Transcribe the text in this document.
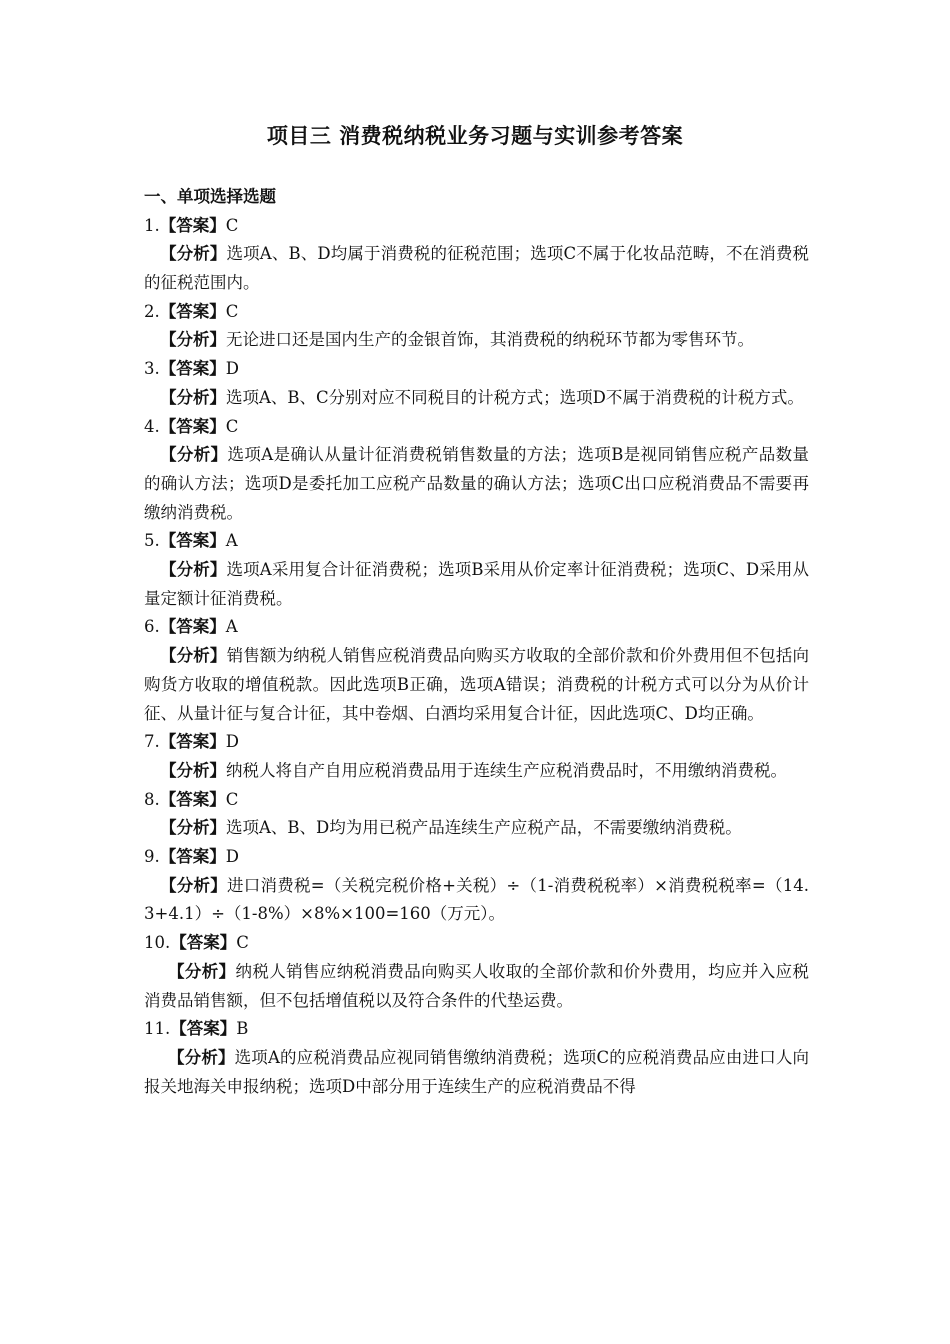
项目三 消费税纳税业务习题与实训参考答案

一、单项选择选题

1.【答案】C

【分析】选项A、B、D均属于消费税的征税范围；选项C不属于化妆品范畴，不在消费税的征税范围内。

2.【答案】C

【分析】无论进口还是国内生产的金银首饰，其消费税的纳税环节都为零售环节。

3.【答案】D

【分析】选项A、B、C分别对应不同税目的计税方式；选项D不属于消费税的计税方式。

4.【答案】C

【分析】选项A是确认从量计征消费税销售数量的方法；选项B是视同销售应税产品数量的确认方法；选项D是委托加工应税产品数量的确认方法；选项C出口应税消费品不需要再缴纳消费税。

5.【答案】A

【分析】选项A采用复合计征消费税；选项B采用从价定率计征消费税；选项C、D采用从量定额计征消费税。

6.【答案】A

【分析】销售额为纳税人销售应税消费品向购买方收取的全部价款和价外费用但不包括向购货方收取的增值税款。因此选项B正确，选项A错误；消费税的计税方式可以分为从价计征、从量计征与复合计征，其中卷烟、白酒均采用复合计征，因此选项C、D均正确。

7.【答案】D

【分析】纳税人将自产自用应税消费品用于连续生产应税消费品时，不用缴纳消费税。

8.【答案】C

【分析】选项A、B、D均为用已税产品连续生产应税产品，不需要缴纳消费税。

9.【答案】D

【分析】进口消费税=（关税完税价格+关税）÷（1-消费税税率）×消费税税率=（14.3+4.1）÷（1-8%）×8%×100=160（万元）。

10.【答案】C

【分析】纳税人销售应纳税消费品向购买人收取的全部价款和价外费用，均应并入应税消费品销售额，但不包括增值税以及符合条件的代垫运费。

11.【答案】B

【分析】选项A的应税消费品应视同销售缴纳消费税；选项C的应税消费品应由进口人向报关地海关申报纳税；选项D中部分用于连续生产的应税消费品不得
